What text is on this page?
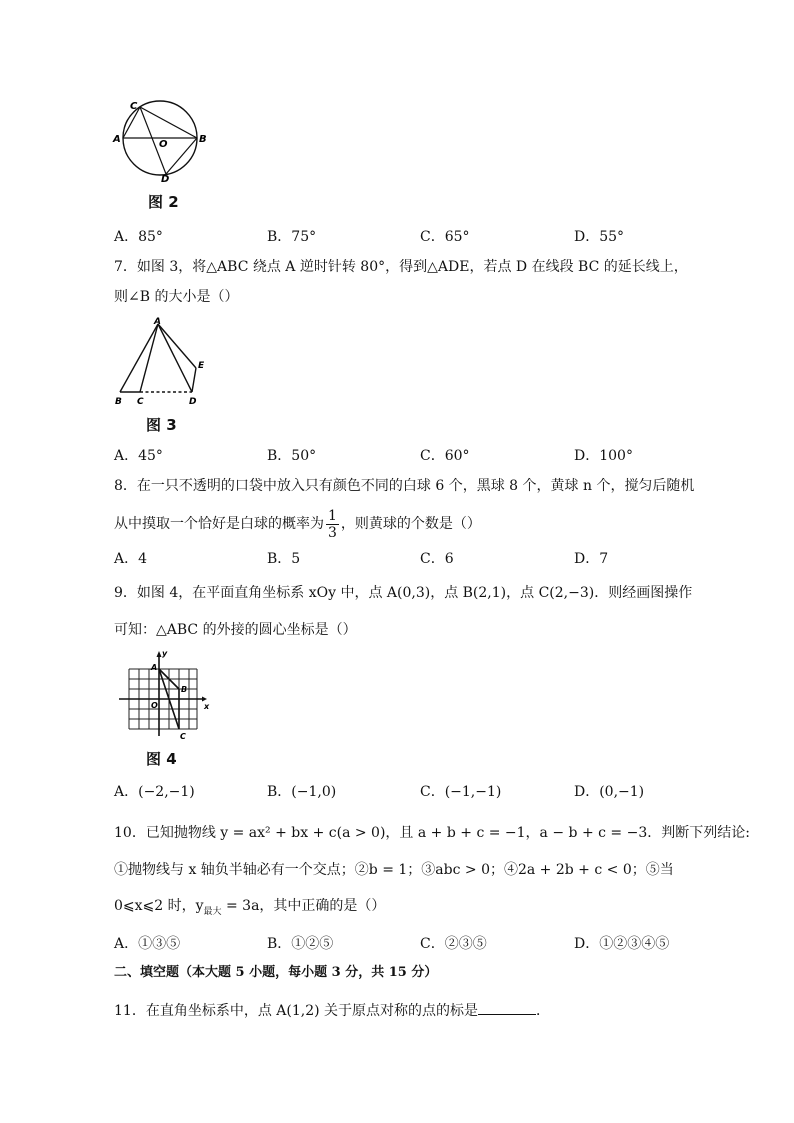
C
A	B
O
D
图 2
A．85°	B．75°	C．65°	D．55°
7．如图 3，将△ABC 绕点 A 逆时针转 80°，得到△ADE，若点 D 在线段 BC 的延长线上，
则∠B 的大小是（）
A
E
B C	D
图 3
A．45°	B．50°	C．60°	D．100°
8．在一只不透明的口袋中放入只有颜色不同的白球 6 个，黑球 8 个，黄球 n 个，搅匀后随机
从中摸取一个恰好是白球的概率为 $\frac{1}{3}$ ，则黄球的个数是（）
A．4	B．5	C．6	D．7
9．如图 4，在平面直角坐标系 xOy 中，点 A(0,3)，点 B(2,1)，点 C(2,−3)．则经画图操作
可知：△ABC 的外接的圆心坐标是（）
y
A
B
O	x
C
图 4
A．(−2,−1)	B．(−1,0)	C．(−1,−1)	D．(0,−1)
10．已知抛物线 y = ax² + bx + c(a > 0)，且 a + b + c = −1，a − b + c = −3．判断下列结论:
①抛物线与 x 轴负半轴必有一个交点；②b = 1；③abc > 0；④2a + 2b + c < 0；⑤当
0⩽x⩽2 时，$y_{最大} = 3a$，其中正确的是（）
A．①③⑤	B．①②⑤	C．②③⑤	D．①②③④⑤
二、填空题（本大题 5 小题，每小题 3 分，共 15 分）
11．在直角坐标系中，点 A(1,2) 关于原点对称的点的标是	．
